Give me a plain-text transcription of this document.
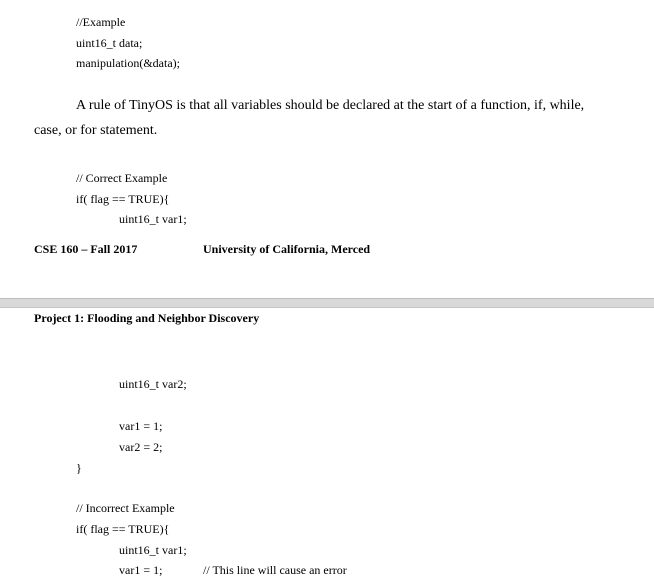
//Example
uint16_t data;
manipulation(&data);
A rule of TinyOS is that all variables should be declared at the start of a function, if, while,
case, or for statement.
// Correct Example
if( flag == TRUE){
uint16_t var1;
CSE 160 – Fall 2017	University of California, Merced
Project 1: Flooding and Neighbor Discovery
uint16_t var2;
var1 = 1;
var2 = 2;
}
// Incorrect Example
if( flag == TRUE){
uint16_t var1;
var1 = 1;	// This line will cause an error
